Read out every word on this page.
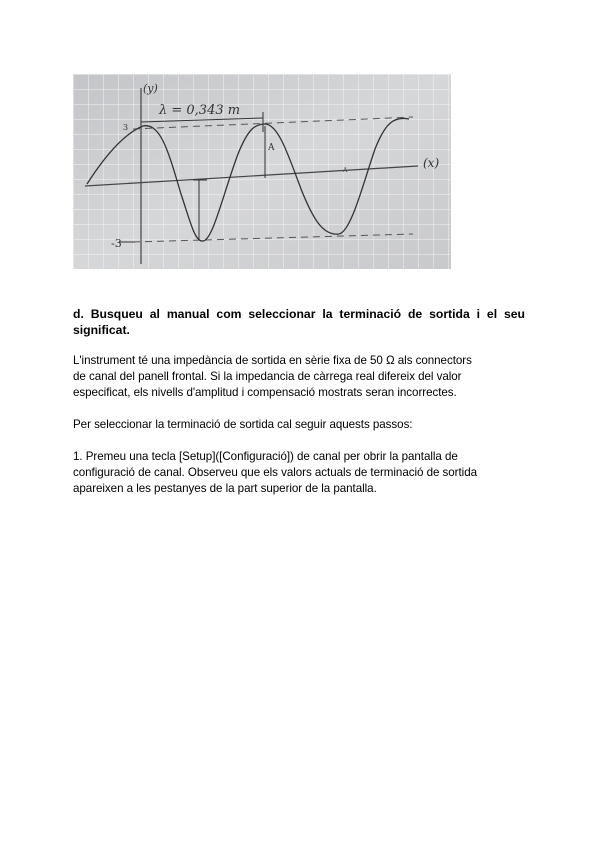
λ = 0,343 m
(y)
(x)
A
A
3
-3

d. Busqueu al manual com seleccionar la terminació de sortida i el seu significat.

L'instrument té una impedància de sortida en sèrie fixa de 50 Ω als connectors
de canal del panell frontal. Si la impedancia de càrrega real difereix del valor
especificat, els nivells d'amplitud i compensació mostrats seran incorrectes.

Per seleccionar la terminació de sortida cal seguir aquests passos:

1. Premeu una tecla [Setup]([Configuració]) de canal per obrir la pantalla de
configuració de canal. Observeu que els valors actuals de terminació de sortida
apareixen a les pestanyes de la part superior de la pantalla.
